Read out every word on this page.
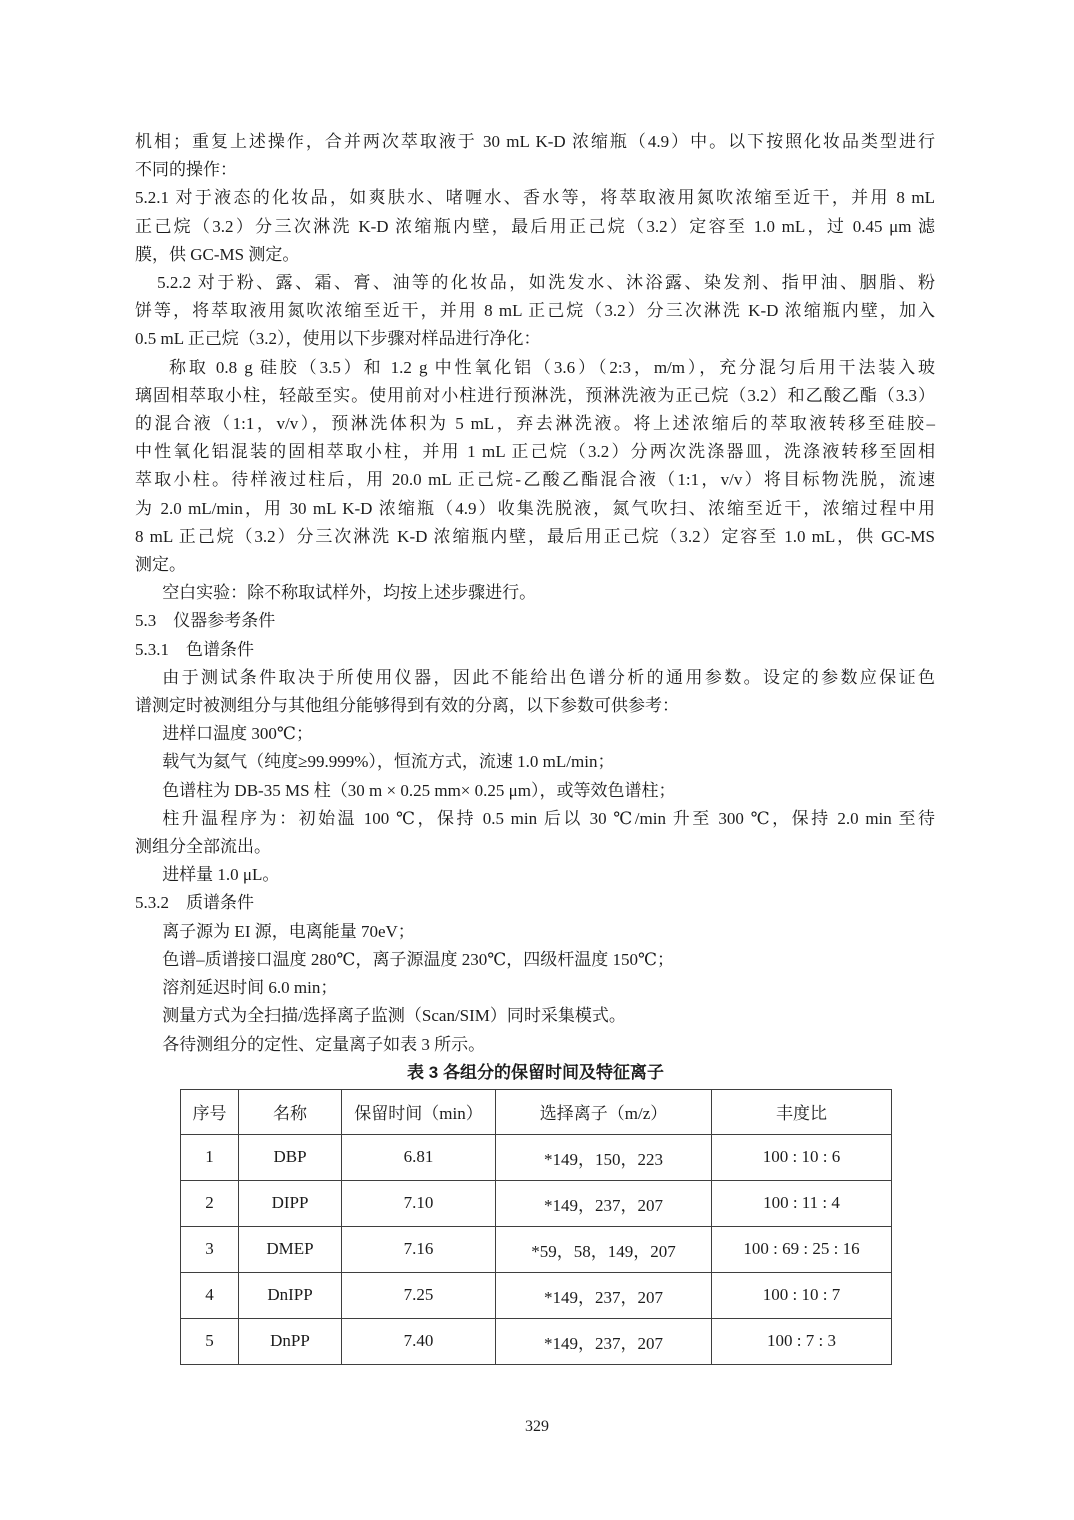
机相；重复上述操作，合并两次萃取液于 30 mL K-D 浓缩瓶（4.9）中。以下按照化妆品类型进行
不同的操作：
5.2.1 对于液态的化妆品，如爽肤水、啫喱水、香水等，将萃取液用氮吹浓缩至近干，并用 8 mL
正己烷（3.2）分三次淋洗 K-D 浓缩瓶内壁，最后用正己烷（3.2）定容至 1.0 mL，过 0.45 μm 滤
膜，供 GC-MS 测定。
5.2.2 对于粉、露、霜、膏、油等的化妆品，如洗发水、沐浴露、染发剂、指甲油、胭脂、粉
饼等，将萃取液用氮吹浓缩至近干，并用 8 mL 正己烷（3.2）分三次淋洗 K-D 浓缩瓶内壁，加入
0.5 mL 正己烷（3.2），使用以下步骤对样品进行净化：
称取 0.8 g 硅胶（3.5）和 1.2 g 中性氧化铝（3.6）（2:3，m/m），充分混匀后用干法装入玻
璃固相萃取小柱，轻敲至实。使用前对小柱进行预淋洗，预淋洗液为正己烷（3.2）和乙酸乙酯（3.3）
的混合液（1:1，v/v），预淋洗体积为 5 mL，弃去淋洗液。将上述浓缩后的萃取液转移至硅胶–
中性氧化铝混装的固相萃取小柱，并用 1 mL 正己烷（3.2）分两次洗涤器皿，洗涤液转移至固相
萃取小柱。待样液过柱后，用 20.0 mL 正己烷-乙酸乙酯混合液（1:1，v/v）将目标物洗脱，流速
为 2.0 mL/min，用 30 mL K-D 浓缩瓶（4.9）收集洗脱液，氮气吹扫、浓缩至近干，浓缩过程中用
8 mL 正己烷（3.2）分三次淋洗 K-D 浓缩瓶内壁，最后用正己烷（3.2）定容至 1.0 mL，供 GC-MS
测定。
空白实验：除不称取试样外，均按上述步骤进行。
5.3　仪器参考条件
5.3.1　色谱条件
由于测试条件取决于所使用仪器，因此不能给出色谱分析的通用参数。设定的参数应保证色
谱测定时被测组分与其他组分能够得到有效的分离，以下参数可供参考：
进样口温度 300℃；
载气为氦气（纯度≥99.999%），恒流方式，流速 1.0 mL/min；
色谱柱为 DB-35 MS 柱（30 m × 0.25 mm× 0.25 μm），或等效色谱柱；
柱升温程序为：初始温 100 ℃，保持 0.5 min 后以 30 ℃/min 升至 300 ℃，保持 2.0 min 至待
测组分全部流出。
进样量 1.0 μL。
5.3.2　质谱条件
离子源为 EI 源，电离能量 70eV；
色谱–质谱接口温度 280℃，离子源温度 230℃，四级杆温度 150℃；
溶剂延迟时间 6.0 min；
测量方式为全扫描/选择离子监测（Scan/SIM）同时采集模式。
各待测组分的定性、定量离子如表 3 所示。
表 3 各组分的保留时间及特征离子
序号	名称	保留时间（min）	选择离子（m/z）	丰度比
1	DBP	6.81	*149，150，223	100 : 10 : 6
2	DIPP	7.10	*149，237，207	100 : 11 : 4
3	DMEP	7.16	*59，58，149，207	100 : 69 : 25 : 16
4	DnIPP	7.25	*149，237，207	100 : 10 : 7
5	DnPP	7.40	*149，237，207	100 : 7 : 3
329
